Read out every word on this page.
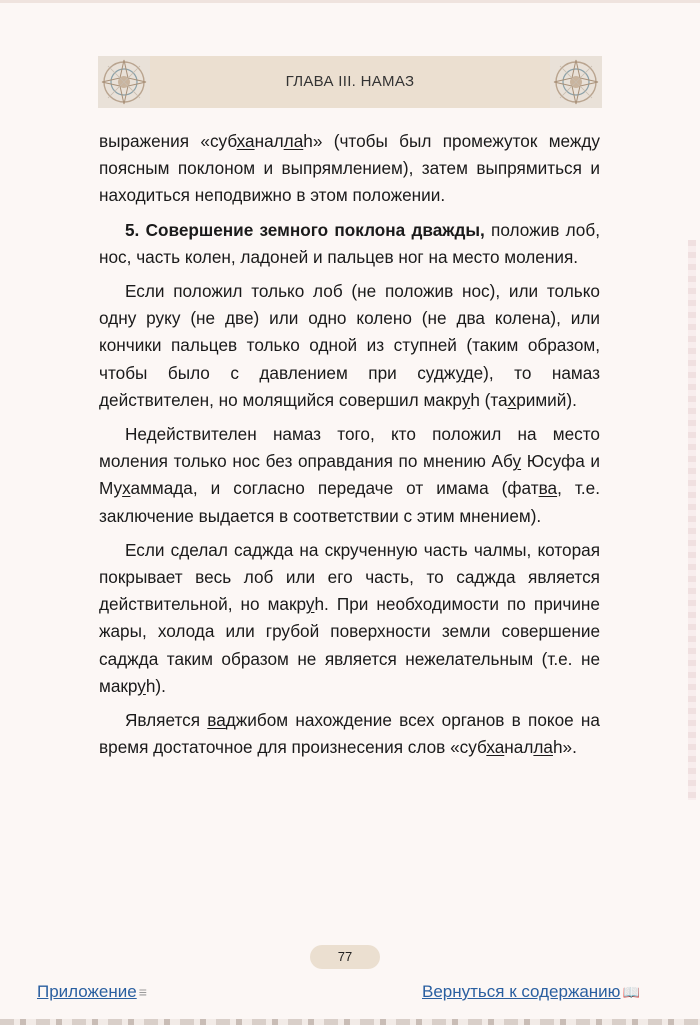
ГЛАВА III. НАМАЗ

выражения «субханаллаh» (чтобы был промежуток между поясным поклоном и выпрямлением), затем выпрямиться и находиться неподвижно в этом положении.

5. Совершение земного поклона дважды, положив лоб, нос, часть колен, ладоней и пальцев ног на место моления.

Если положил только лоб (не положив нос), или только одну руку (не две) или одно колено (не два колена), или кончики пальцев только одной из ступней (таким образом, чтобы было с давлением при суджуде), то намаз действителен, но молящийся совершил макруh (тахримий).

Недействителен намаз того, кто положил на место моления только нос без оправдания по мнению Абу Юсуфа и Мухаммада, и согласно передаче от имама (фатва, т.е. заключение выдается в соответствии с этим мнением).

Если сделал саджда на скрученную часть чалмы, которая покрывает весь лоб или его часть, то саджда является действительной, но макруh. При необходимости по причине жары, холода или грубой поверхности земли совершение саджда таким образом не является нежелательным (т.е. не макруh).

Является ваджибом нахождение всех органов в покое на время достаточное для произнесения слов «субханаллаh».

77
Приложение ≡	Вернуться к содержанию 📖
